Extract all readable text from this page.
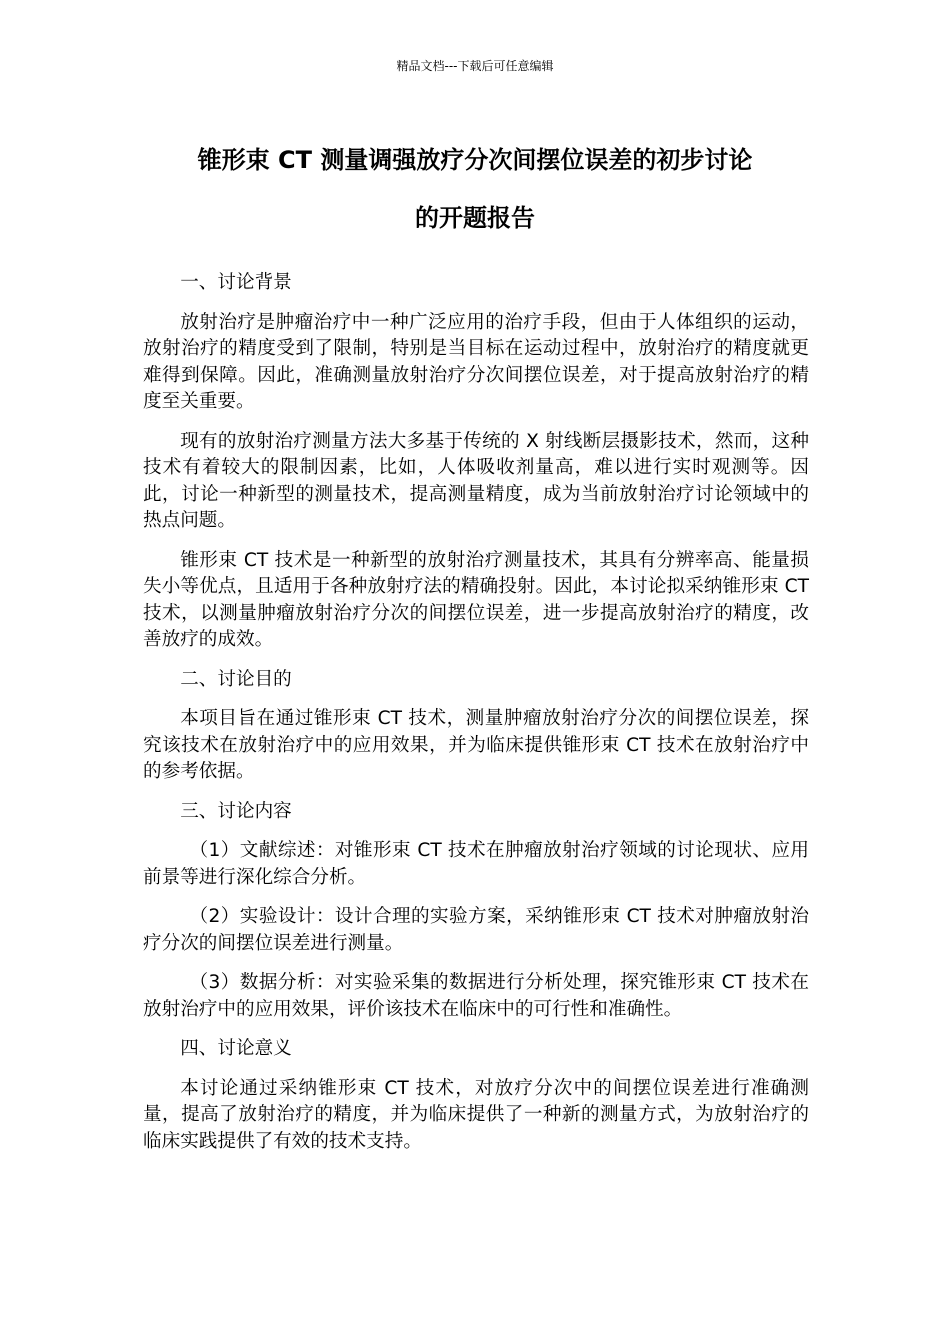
精品文档---下载后可任意编辑
锥形束 CT 测量调强放疗分次间摆位误差的初步讨论
的开题报告

一、讨论背景

放射治疗是肿瘤治疗中一种广泛应用的治疗手段，但由于人体组织的运动，放射治疗的精度受到了限制，特别是当目标在运动过程中，放射治疗的精度就更难得到保障。因此，准确测量放射治疗分次间摆位误差，对于提高放射治疗的精度至关重要。

现有的放射治疗测量方法大多基于传统的 X 射线断层摄影技术，然而，这种技术有着较大的限制因素，比如，人体吸收剂量高，难以进行实时观测等。因此，讨论一种新型的测量技术，提高测量精度，成为当前放射治疗讨论领域中的热点问题。

锥形束 CT 技术是一种新型的放射治疗测量技术，其具有分辨率高、能量损失小等优点，且适用于各种放射疗法的精确投射。因此，本讨论拟采纳锥形束 CT 技术，以测量肿瘤放射治疗分次的间摆位误差，进一步提高放射治疗的精度，改善放疗的成效。

二、讨论目的

本项目旨在通过锥形束 CT 技术，测量肿瘤放射治疗分次的间摆位误差，探究该技术在放射治疗中的应用效果，并为临床提供锥形束 CT 技术在放射治疗中的参考依据。

三、讨论内容

（1）文献综述：对锥形束 CT 技术在肿瘤放射治疗领域的讨论现状、应用前景等进行深化综合分析。

（2）实验设计：设计合理的实验方案，采纳锥形束 CT 技术对肿瘤放射治疗分次的间摆位误差进行测量。

（3）数据分析：对实验采集的数据进行分析处理，探究锥形束 CT 技术在放射治疗中的应用效果，评价该技术在临床中的可行性和准确性。

四、讨论意义

本讨论通过采纳锥形束 CT 技术，对放疗分次中的间摆位误差进行准确测量，提高了放射治疗的精度，并为临床提供了一种新的测量方式，为放射治疗的临床实践提供了有效的技术支持。
